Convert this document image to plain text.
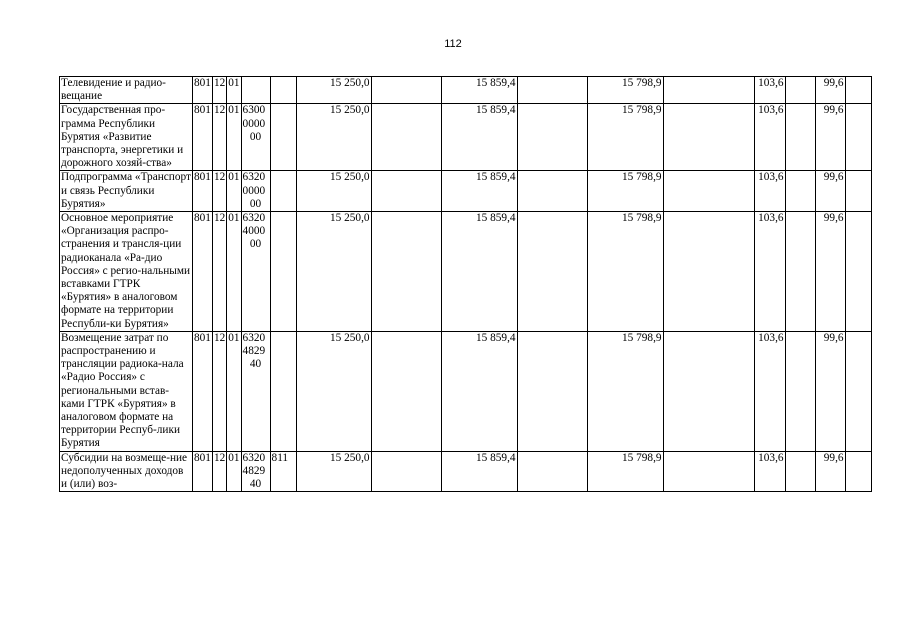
112
Телевидение и радио-вещание	801	12	01			15 250,0		15 859,4		15 798,9		103,6		99,6	
Государственная про-грамма Республики Бурятия «Развитие транспорта, энергетики и дорожного хозяй-ства»	801	12	01	6300
0000
00		15 250,0		15 859,4		15 798,9		103,6		99,6	
Подпрограмма «Транспорт и связь Республики Бурятия»	801	12	01	6320
0000
00		15 250,0		15 859,4		15 798,9		103,6		99,6	
Основное мероприятие «Организация распро-странения и трансля-ции радиоканала «Ра-дио Россия» с регио-нальными вставками ГТРК «Бурятия» в аналоговом формате на территории Республи-ки Бурятия»	801	12	01	6320
4000
00		15 250,0		15 859,4		15 798,9		103,6		99,6	
Возмещение затрат по распространению и трансляции радиока-нала «Радио Россия» с региональными встав-ками ГТРК «Бурятия» в аналоговом формате на территории Респуб-лики Бурятия	801	12	01	6320
4829
40		15 250,0		15 859,4		15 798,9		103,6		99,6	
Субсидии на возмеще-ние недополученных доходов и (или) воз-	801	12	01	6320
4829
40	811	15 250,0		15 859,4		15 798,9		103,6		99,6	
